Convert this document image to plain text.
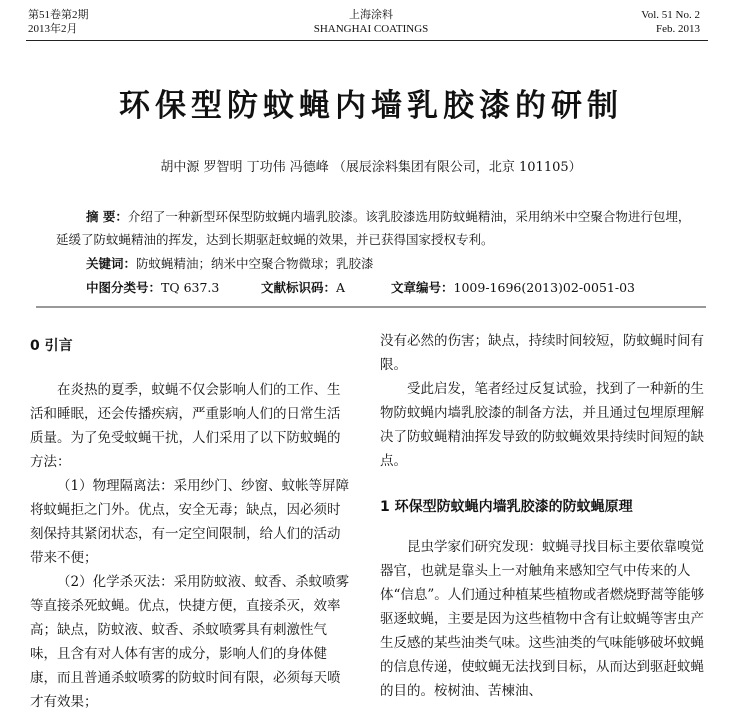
第51卷第2期
2013年2月
上海涂料
SHANGHAI COATINGS
Vol. 51 No. 2
Feb. 2013
环保型防蚊蝇内墙乳胶漆的研制
胡中源 罗智明 丁功伟 冯德峰 （展辰涂料集团有限公司，北京 101105）
摘 要：介绍了一种新型环保型防蚊蝇内墙乳胶漆。该乳胶漆选用防蚊蝇精油，采用纳米中空聚合物进行包埋，延缓了防蚊蝇精油的挥发，达到长期驱赶蚊蝇的效果，并已获得国家授权专利。
关键词：防蚊蝇精油；纳米中空聚合物微球；乳胶漆
中图分类号：TQ 637.3	文献标识码：A	文章编号：1009-1696(2013)02-0051-03
0 引言

在炎热的夏季，蚊蝇不仅会影响人们的工作、生活和睡眠，还会传播疾病，严重影响人们的日常生活质量。为了免受蚊蝇干扰，人们采用了以下防蚊蝇的方法：

（1）物理隔离法：采用纱门、纱窗、蚊帐等屏障将蚊蝇拒之门外。优点，安全无毒；缺点，因必须时刻保持其紧闭状态，有一定空间限制，给人们的活动带来不便；

（2）化学杀灭法：采用防蚊液、蚊香、杀蚊喷雾等直接杀死蚊蝇。优点，快捷方便，直接杀灭，效率高；缺点，防蚊液、蚊香、杀蚊喷雾具有刺激性气味，且含有对人体有害的成分，影响人们的身体健康，而且普通杀蚊喷雾的防蚊时间有限，必须每天喷才有效果；

没有必然的伤害；缺点，持续时间较短，防蚊蝇时间有限。

受此启发，笔者经过反复试验，找到了一种新的生物防蚊蝇内墙乳胶漆的制备方法，并且通过包埋原理解决了防蚊蝇精油挥发导致的防蚊蝇效果持续时间短的缺点。

1 环保型防蚊蝇内墙乳胶漆的防蚊蝇原理

昆虫学家们研究发现：蚊蝇寻找目标主要依靠嗅觉器官，也就是靠头上一对触角来感知空气中传来的人体“信息”。人们通过种植某些植物或者燃烧野蒿等能够驱逐蚊蝇，主要是因为这些植物中含有让蚊蝇等害虫产生反感的某些油类气味。这些油类的气味能够破坏蚊蝇的信息传递，使蚊蝇无法找到目标，从而达到驱赶蚊蝇的目的。桉树油、苦楝油、
